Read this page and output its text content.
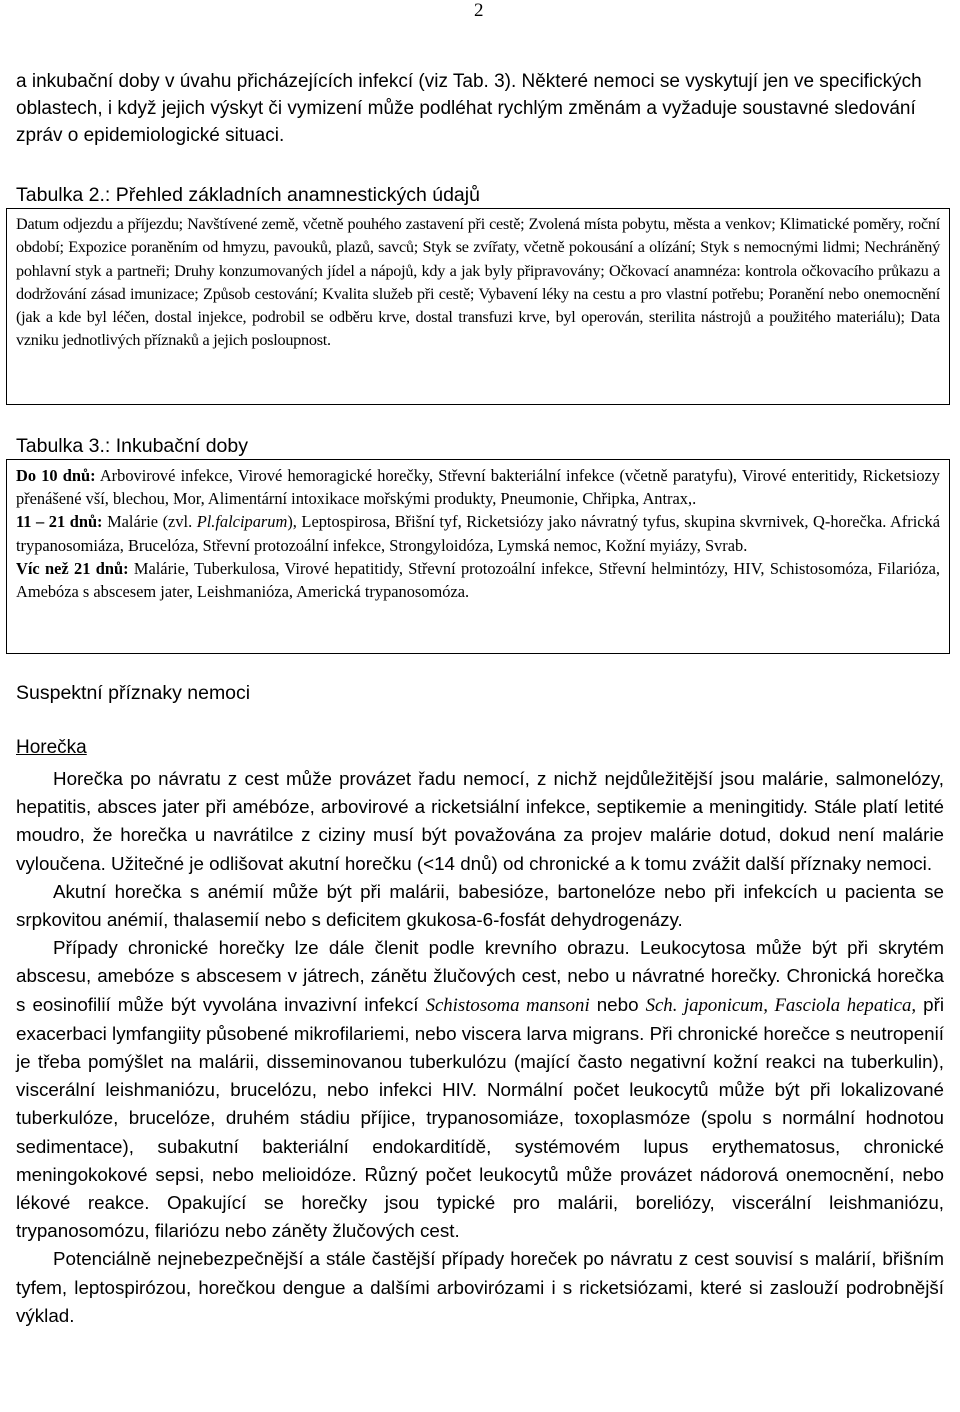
2

a inkubační doby v úvahu přicházejících infekcí (viz Tab. 3). Některé nemoci se vyskytují jen ve specifických oblastech, i když jejich výskyt či vymizení může podléhat rychlým změnám a vyžaduje soustavné sledování zpráv o epidemiologické situaci.

Tabulka 2.: Přehled základních anamnestických údajů

Datum odjezdu a příjezdu; Navštívené země, včetně pouhého zastavení při cestě; Zvolená místa pobytu, města a venkov; Klimatické poměry, roční období; Expozice poraněním od hmyzu, pavouků, plazů, savců; Styk se zvířaty, včetně pokousání a olízání; Styk s nemocnými lidmi; Nechráněný pohlavní styk a partneři; Druhy konzumovaných jídel a nápojů, kdy a jak byly připravovány; Očkovací anamnéza: kontrola očkovacího průkazu a dodržování zásad imunizace; Způsob cestování; Kvalita služeb při cestě; Vybavení léky na cestu a pro vlastní potřebu; Poranění nebo onemocnění (jak a kde byl léčen, dostal injekce, podrobil se odběru krve, dostal transfuzi krve, byl operován, sterilita nástrojů a použitého materiálu); Data vzniku jednotlivých příznaků a jejich posloupnost.

Tabulka 3.: Inkubační doby

Do 10 dnů: Arbovirové infekce, Virové hemoragické horečky, Střevní bakteriální infekce (včetně paratyfu), Virové enteritidy, Ricketsiozy přenášené vší, blechou, Mor, Alimentární intoxikace mořskými produkty, Pneumonie, Chřipka, Antrax,.

11 – 21 dnů: Malárie (zvl. Pl.falciparum), Leptospirosa, Břišní tyf, Ricketsiózy jako návratný tyfus, skupina skvrnivek, Q-horečka. Africká trypanosomiáza, Brucelóza, Střevní protozoální infekce, Strongyloidóza, Lymská nemoc, Kožní myiázy, Svrab.

Víc než 21 dnů: Malárie, Tuberkulosa, Virové hepatitidy, Střevní protozoální infekce, Střevní helmintózy, HIV, Schistosomóza, Filarióza, Amebóza s abscesem jater, Leishmanióza, Americká trypanosomóza.

Suspektní příznaky nemoci
Horečka

Horečka po návratu z cest může provázet řadu nemocí, z nichž nejdůležitější jsou malárie, salmonelózy, hepatitis, absces jater při amébóze, arbovirové a ricketsiální infekce, septikemie a meningitidy. Stále platí letité moudro, že horečka u navrátilce z ciziny musí být považována za projev malárie dotud, dokud není malárie vyloučena. Užitečné je odlišovat akutní horečku (<14 dnů) od chronické a k tomu zvážit další příznaky nemoci.

Akutní horečka s anémií může být při malárii, babesióze, bartonelóze nebo při infekcích u pacienta se srpkovitou anémií, thalasemií nebo s deficitem gkukosa-6-fosfát dehydrogenázy.

Případy chronické horečky lze dále členit podle krevního obrazu. Leukocytosa může být při skrytém abscesu, amebóze s abscesem v játrech, zánětu žlučových cest, nebo u návratné horečky. Chronická horečka s eosinofilií může být vyvolána invazivní infekcí Schistosoma mansoni nebo Sch. japonicum, Fasciola hepatica, při exacerbaci lymfangiity působené mikrofilariemi, nebo viscera larva migrans. Při chronické horečce s neutropenií je třeba pomýšlet na malárii, disseminovanou tuberkulózu (mající často negativní kožní reakci na tuberkulin), viscerální leishmaniózu, brucelózu, nebo infekci HIV. Normální počet leukocytů může být při lokalizované tuberkulóze, brucelóze, druhém stádiu příjice, trypanosomiáze, toxoplasmóze (spolu s normální hodnotou sedimentace), subakutní bakteriální endokarditídě, systémovém lupus erythematosus, chronické meningokokové sepsi, nebo melioidóze. Různý počet leukocytů může provázet nádorová onemocnění, nebo lékové reakce. Opakující se horečky jsou typické pro malárii, boreliózy, viscerální leishmaniózu, trypanosomózu, filariózu nebo záněty žlučových cest.

Potenciálně nejnebezpečnější a stále častější případy horeček po návratu z cest souvisí s malárií, břišním tyfem, leptospirózou, horečkou dengue a dalšími arbovirózami i s ricketsiózami, které si zaslouží podrobnější výklad.
